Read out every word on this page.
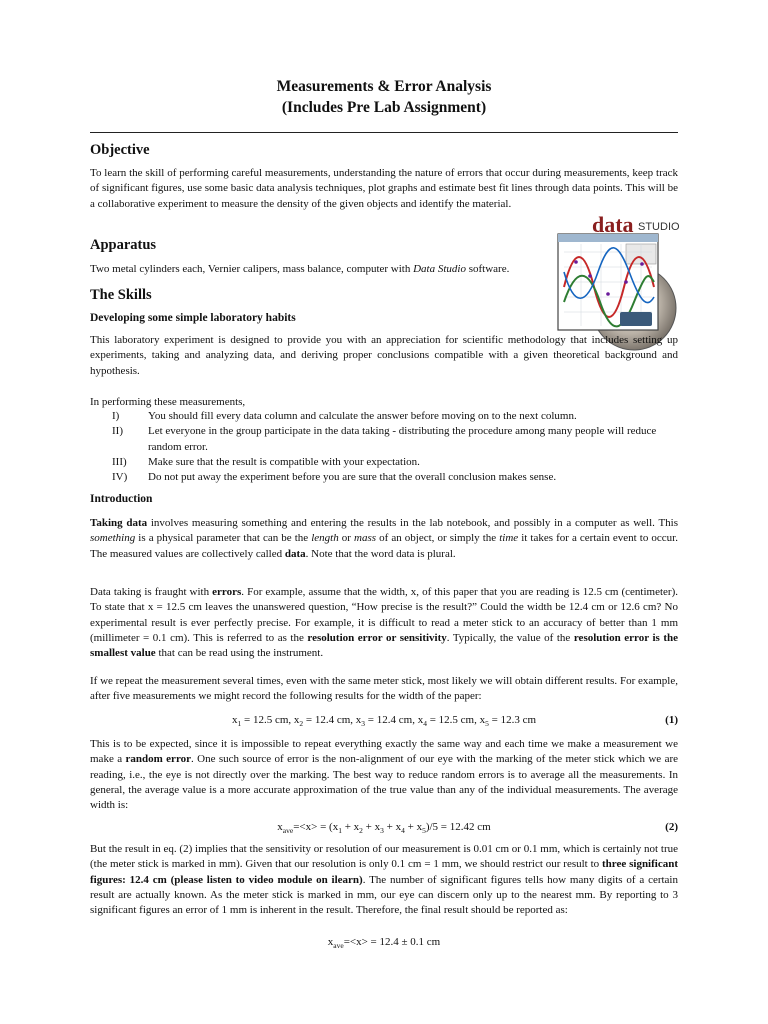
Measurements & Error Analysis
(Includes Pre Lab Assignment)
Objective
To learn the skill of performing careful measurements, understanding the nature of errors that occur during measurements, keep track of significant figures, use some basic data analysis techniques, plot graphs and estimate best fit lines through data points. This will be a collaborative experiment to measure the density of the given objects and identify the material.
Apparatus
Two metal cylinders each, Vernier calipers, mass balance, computer with Data Studio software.
data STUDIO
The Skills
Developing some simple laboratory habits
This laboratory experiment is designed to provide you with an appreciation for scientific methodology that includes setting up experiments, taking and analyzing data, and deriving proper conclusions compatible with a given theoretical background and hypothesis.
In performing these measurements,
I)	You should fill every data column and calculate the answer before moving on to the next column.
II) Let everyone in the group participate in the data taking - distributing the procedure among many people will reduce random error.
III) Make sure that the result is compatible with your expectation.
IV) Do not put away the experiment before you are sure that the overall conclusion makes sense.
Introduction
Taking data involves measuring something and entering the results in the lab notebook, and possibly in a computer as well. This something is a physical parameter that can be the length or mass of an object, or simply the time it takes for a certain event to occur. The measured values are collectively called data. Note that the word data is plural.
Data taking is fraught with errors. For example, assume that the width, x, of this paper that you are reading is 12.5 cm (centimeter). To state that x = 12.5 cm leaves the unanswered question, “How precise is the result?” Could the width be 12.4 cm or 12.6 cm? No experimental result is ever perfectly precise. For example, it is difficult to read a meter stick to an accuracy of better than 1 mm (millimeter = 0.1 cm). This is referred to as the resolution error or sensitivity. Typically, the value of the resolution error is the smallest value that can be read using the instrument.
If we repeat the measurement several times, even with the same meter stick, most likely we will obtain different results. For example, after five measurements we might record the following results for the width of the paper:
$x_1 = 12.5$ cm, $x_2 = 12.4$ cm, $x_3 = 12.4$ cm, $x_4 = 12.5$ cm, $x_5 = 12.3$ cm	(1)
This is to be expected, since it is impossible to repeat everything exactly the same way and each time we make a measurement we make a random error. One such source of error is the non-alignment of our eye with the marking of the meter stick which we are reading, i.e., the eye is not directly over the marking. The best way to reduce random errors is to average all the measurements. In general, the average value is a more accurate approximation of the true value than any of the individual measurements. The average width is:
$x_{ave}=<x> = (x_1 + x_2 + x_3 + x_4 + x_5)/5 = 12.42$ cm	(2)
But the result in eq. (2) implies that the sensitivity or resolution of our measurement is 0.01 cm or 0.1 mm, which is certainly not true (the meter stick is marked in mm). Given that our resolution is only 0.1 cm = 1 mm, we should restrict our result to three significant figures: 12.4 cm (please listen to video module on ilearn). The number of significant figures tells how many digits of a certain result are actually known. As the meter stick is marked in mm, our eye can discern only up to the nearest mm. By reporting to 3 significant figures an error of 1 mm is inherent in the result. Therefore, the final result should be reported as:
$x_{ave}=<x> = 12.4 \pm 0.1$ cm
